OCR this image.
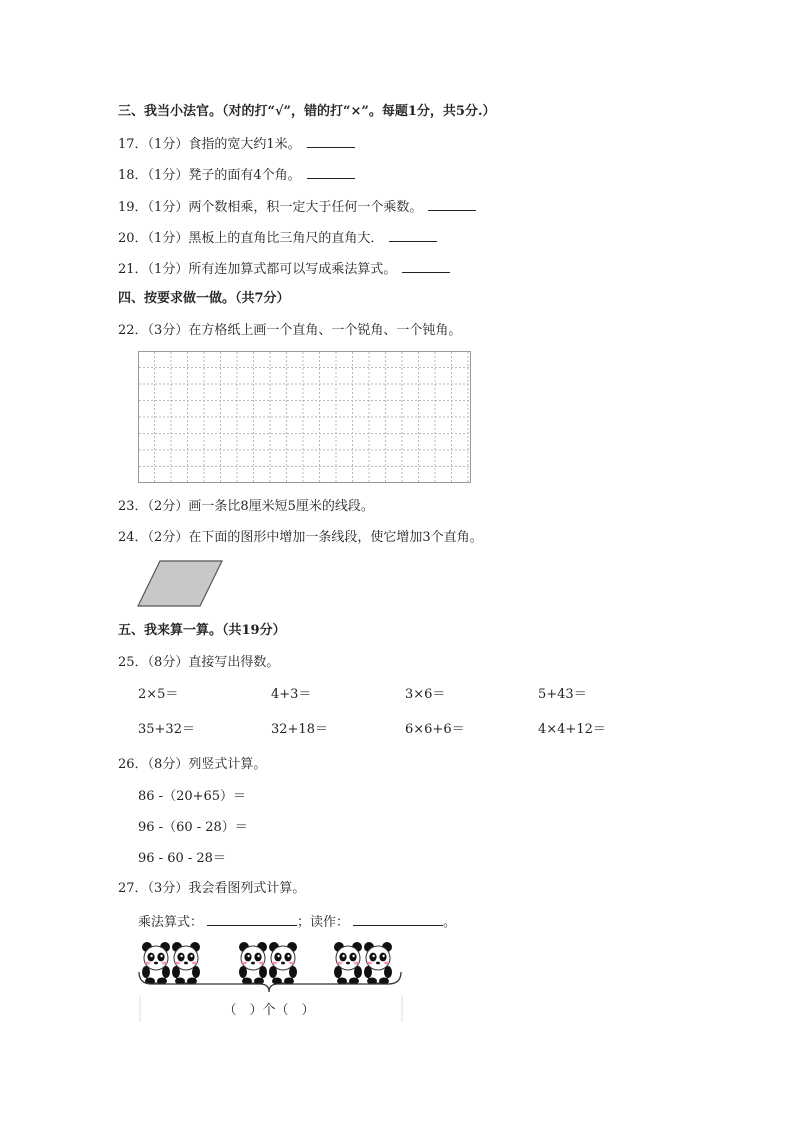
三、我当小法官。（对的打“√”，错的打“×”。每题1分，共5分.）
17．（1分）食指的宽大约1米。
18．（1分）凳子的面有4个角。
19．（1分）两个数相乘，积一定大于任何一个乘数。
20．（1分）黑板上的直角比三角尺的直角大．
21．（1分）所有连加算式都可以写成乘法算式。
四、按要求做一做。（共7分）
22．（3分）在方格纸上画一个直角、一个锐角、一个钝角。
23．（2分）画一条比8厘米短5厘米的线段。
24．（2分）在下面的图形中增加一条线段，使它增加3个直角。
五、我来算一算。（共19分）
25．（8分）直接写出得数。
2×5＝	4+3＝	3×6＝	5+43＝
35+32＝	32+18＝	6×6+6＝	4×4+12＝
26．（8分）列竖式计算。
86 -（20+65）＝
96 -（60 - 28）＝
96 - 60 - 28＝
27．（3分）我会看图列式计算。
乘法算式：	；读作：	。
（　）个（　）
